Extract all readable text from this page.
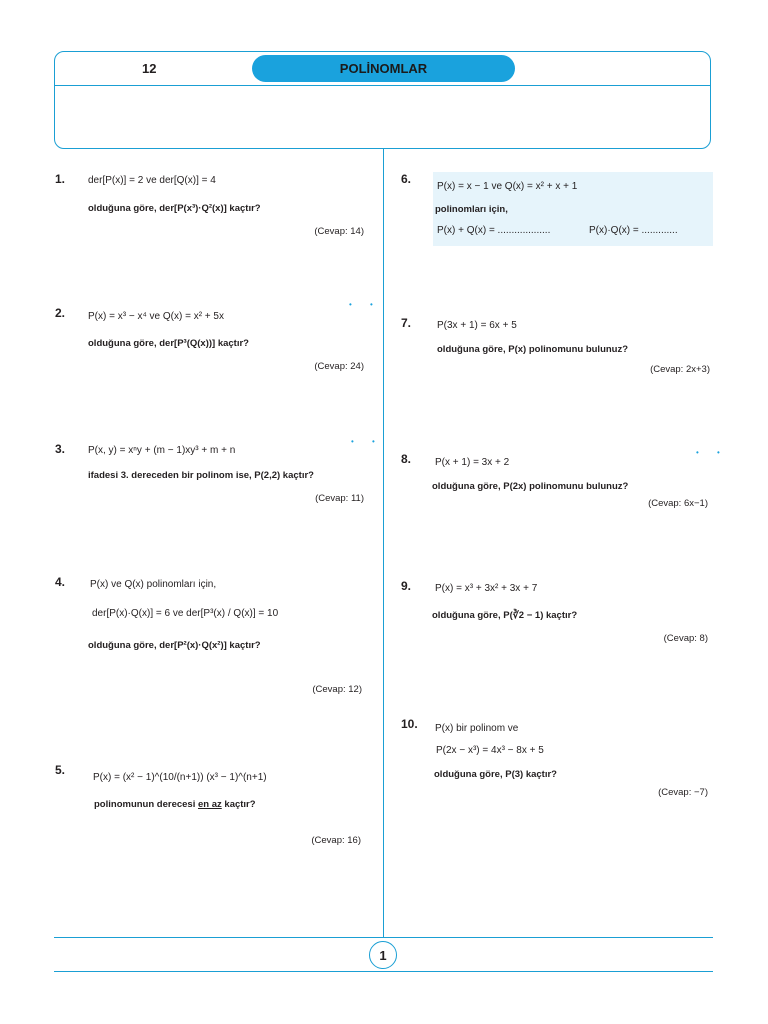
12	POLİNOMLAR
• •
• •
• •
1. der[P(x)] = 2 ve der[Q(x)] = 4
olduğuna göre, der[P(x³)·Q²(x)] kaçtır?
(Cevap: 14)
2. P(x) = x³ − x⁴ ve Q(x) = x² + 5x
olduğuna göre, der[P³(Q(x))] kaçtır?
(Cevap: 24)
3. P(x, y) = xⁿy + (m − 1)xy³ + m + n
ifadesi 3. dereceden bir polinom ise, P(2,2) kaçtır?
(Cevap: 11)
4. P(x) ve Q(x) polinomları için,
der[P(x)·Q(x)] = 6 ve der[P³(x) / Q(x)] = 10
olduğuna göre, der[P²(x)·Q(x²)] kaçtır?
(Cevap: 12)
5.
P(x) = (x² − 1)^(10/(n+1)) (x³ − 1)^(n+1)
polinomunun derecesi en az kaçtır?
(Cevap: 16)
6.
P(x) = x − 1 ve Q(x) = x² + x + 1
polinomları için,
P(x) + Q(x) = ...................	P(x)·Q(x) = .............
7.	P(3x + 1) = 6x + 5
olduğuna göre, P(x) polinomunu bulunuz?
(Cevap: 2x+3)
8. P(x + 1) = 3x + 2
olduğuna göre, P(2x) polinomunu bulunuz?
(Cevap: 6x−1)
9. P(x) = x³ + 3x² + 3x + 7
olduğuna göre, P(∛2 − 1) kaçtır?
(Cevap: 8)
10. P(x) bir polinom ve
P(2x − x³) = 4x³ − 8x + 5
olduğuna göre, P(3) kaçtır?
(Cevap: −7)
1
